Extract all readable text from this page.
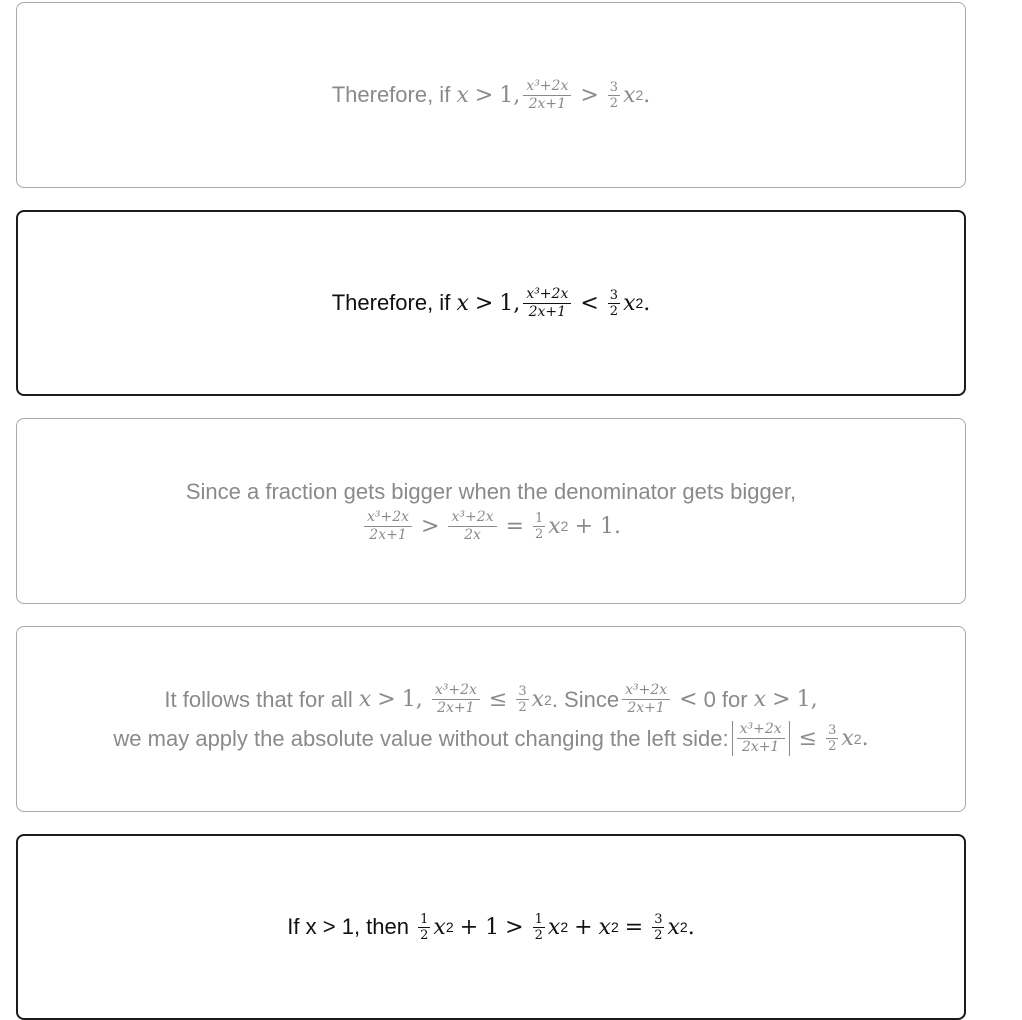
Therefore, if
x > 1, $\frac{\text{x³+2x}}{2x+1} > \frac{3}{2}$ x 2 .
Therefore, if
x > 1, $\frac{\text{x³+2x}}{2x+1} < \frac{3}{2}$ x 2 .
Since a fraction gets bigger when the denominator gets bigger,
$\frac{\text{x³+2x}}{2x+1} > \frac{\text{x³+2x}}{2x} = \frac{1}{2}$ x 2
+ 1.
It follows that for all
x > 1,
$\frac{\text{x³+2x}}{2x+1} \le \frac{3}{2}$ x 2 . Since $\frac{\text{x³+2x}}{2x+1} < 0$ for
x > 1,
we may apply the absolute value without changing the left side: $\frac{\text{x³+2x}}{2x+1} \le \frac{3}{2}$ x 2 .
If x > 1, then
$\frac{1}{2}$ x 2
+ $1 > \frac{1}{2}$ x 2 + x $2 = \frac{3}{2}$ x 2 .
